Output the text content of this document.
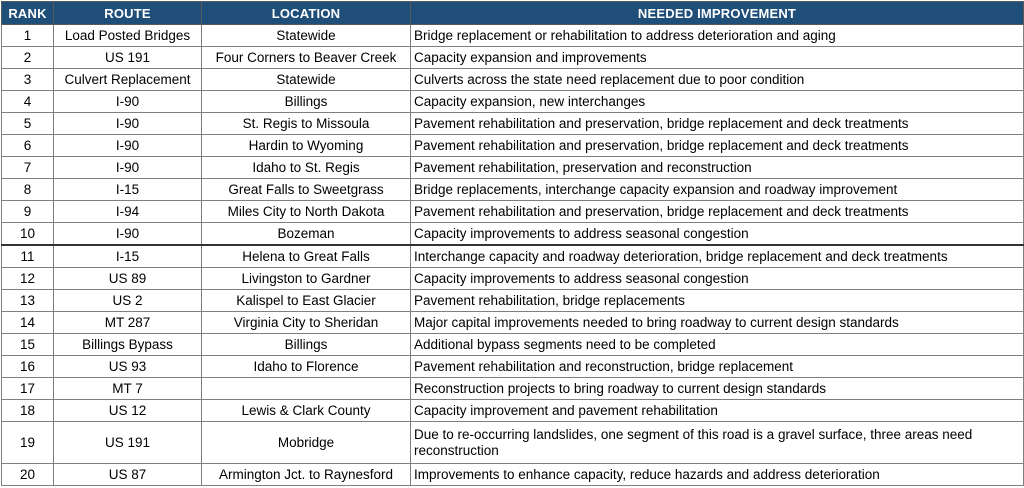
RANK	ROUTE	LOCATION	NEEDED IMPROVEMENT
1	Load Posted Bridges	Statewide	Bridge replacement or rehabilitation to address deterioration and aging
2	US 191	Four Corners to Beaver Creek	Capacity expansion and improvements
3	Culvert Replacement	Statewide	Culverts across the state need replacement due to poor condition
4	I-90	Billings	Capacity expansion, new interchanges
5	I-90	St. Regis to Missoula	Pavement rehabilitation and preservation, bridge replacement and deck treatments
6	I-90	Hardin to Wyoming	Pavement rehabilitation and preservation, bridge replacement and deck treatments
7	I-90	Idaho to St. Regis	Pavement rehabilitation, preservation and reconstruction
8	I-15	Great Falls to Sweetgrass	Bridge replacements, interchange capacity expansion and roadway improvement
9	I-94	Miles City to North Dakota	Pavement rehabilitation and preservation, bridge replacement and deck treatments
10	I-90	Bozeman	Capacity improvements to address seasonal congestion
11	I-15	Helena to Great Falls	Interchange capacity and roadway deterioration, bridge replacement and deck treatments
12	US 89	Livingston to Gardner	Capacity improvements to address seasonal congestion
13	US 2	Kalispel to East Glacier	Pavement rehabilitation, bridge replacements
14	MT 287	Virginia City to Sheridan	Major capital improvements needed to bring roadway to current design standards
15	Billings Bypass	Billings	Additional bypass segments need to be completed
16	US 93	Idaho to Florence	Pavement rehabilitation and reconstruction, bridge replacement
17	MT 7		Reconstruction projects to bring roadway to current design standards
18	US 12	Lewis & Clark County	Capacity improvement and pavement rehabilitation
19	US 191	Mobridge	Due to re-occurring landslides, one segment of this road is a gravel surface, three areas need reconstruction
20	US 87	Armington Jct. to Raynesford	Improvements to enhance capacity, reduce hazards and address deterioration
